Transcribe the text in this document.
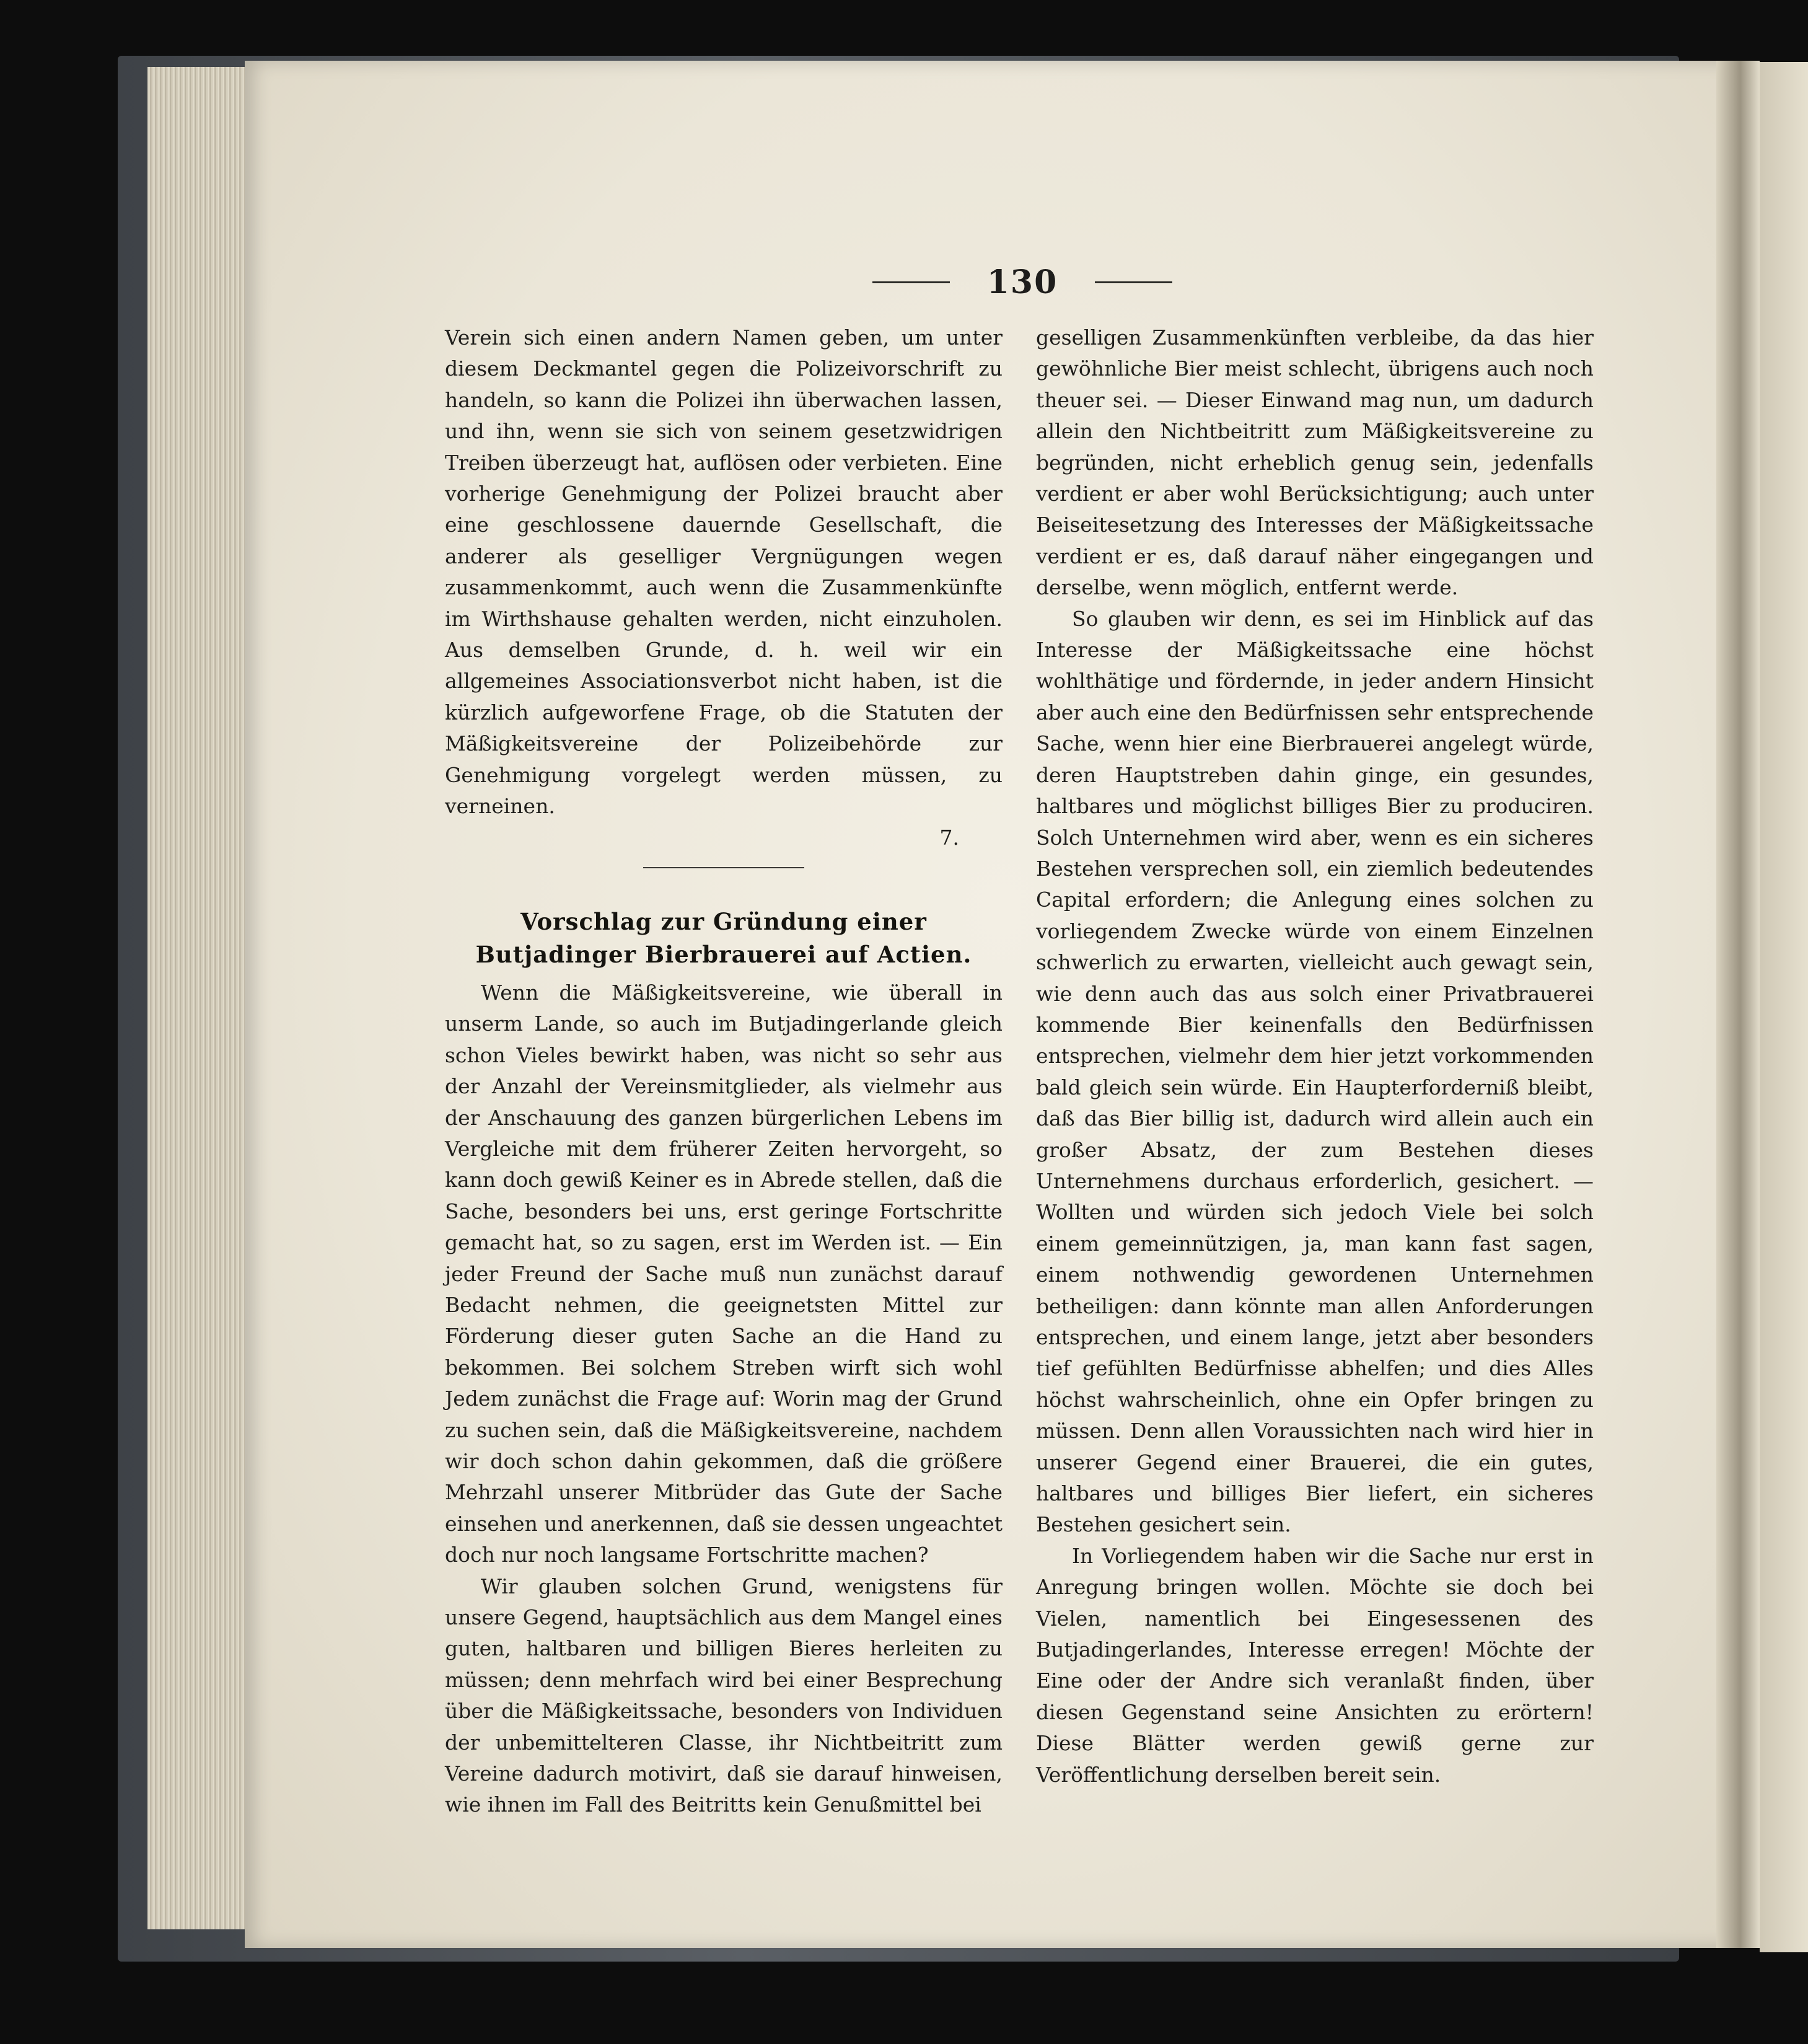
130

Verein sich einen andern Namen geben, um unter diesem Deckmantel gegen die Polizeivorschrift zu handeln, so kann die Polizei ihn überwachen lassen, und ihn, wenn sie sich von seinem gesetzwidrigen Treiben überzeugt hat, auflösen oder verbieten. Eine vorherige Genehmigung der Polizei braucht aber eine geschlossene dauernde Gesellschaft, die anderer als geselliger Vergnügungen wegen zusammenkommt, auch wenn die Zusammenkünfte im Wirthshause gehalten werden, nicht einzuholen. Aus demselben Grunde, d. h. weil wir ein allgemeines Associationsverbot nicht haben, ist die kürzlich aufgeworfene Frage, ob die Statuten der Mäßigkeitsvereine der Polizeibehörde zur Genehmigung vorgelegt werden müssen, zu verneinen.

7.
Vorschlag zur Gründung einer Butjadinger Bierbrauerei auf Actien.

Wenn die Mäßigkeitsvereine, wie überall in unserm Lande, so auch im Butjadingerlande gleich schon Vieles bewirkt haben, was nicht so sehr aus der Anzahl der Vereinsmitglieder, als vielmehr aus der Anschauung des ganzen bürgerlichen Lebens im Vergleiche mit dem früherer Zeiten hervorgeht, so kann doch gewiß Keiner es in Abrede stellen, daß die Sache, besonders bei uns, erst geringe Fortschritte gemacht hat, so zu sagen, erst im Werden ist. — Ein jeder Freund der Sache muß nun zunächst darauf Bedacht nehmen, die geeignetsten Mittel zur Förderung dieser guten Sache an die Hand zu bekommen. Bei solchem Streben wirft sich wohl Jedem zunächst die Frage auf: Worin mag der Grund zu suchen sein, daß die Mäßigkeitsvereine, nachdem wir doch schon dahin gekommen, daß die größere Mehrzahl unserer Mitbrüder das Gute der Sache einsehen und anerkennen, daß sie dessen ungeachtet doch nur noch langsame Fortschritte machen?

Wir glauben solchen Grund, wenigstens für unsere Gegend, hauptsächlich aus dem Mangel eines guten, haltbaren und billigen Bieres herleiten zu müssen; denn mehrfach wird bei einer Besprechung über die Mäßigkeitssache, besonders von Individuen der unbemittelteren Classe, ihr Nichtbeitritt zum Vereine dadurch motivirt, daß sie darauf hinweisen, wie ihnen im Fall des Beitritts kein Genußmittel bei

geselligen Zusammenkünften verbleibe, da das hier gewöhnliche Bier meist schlecht, übrigens auch noch theuer sei. — Dieser Einwand mag nun, um dadurch allein den Nichtbeitritt zum Mäßigkeitsvereine zu begründen, nicht erheblich genug sein, jedenfalls verdient er aber wohl Berücksichtigung; auch unter Beiseitesetzung des Interesses der Mäßigkeitssache verdient er es, daß darauf näher eingegangen und derselbe, wenn möglich, entfernt werde.

So glauben wir denn, es sei im Hinblick auf das Interesse der Mäßigkeitssache eine höchst wohlthätige und fördernde, in jeder andern Hinsicht aber auch eine den Bedürfnissen sehr entsprechende Sache, wenn hier eine Bierbrauerei angelegt würde, deren Hauptstreben dahin ginge, ein gesundes, haltbares und möglichst billiges Bier zu produciren. Solch Unternehmen wird aber, wenn es ein sicheres Bestehen versprechen soll, ein ziemlich bedeutendes Capital erfordern; die Anlegung eines solchen zu vorliegendem Zwecke würde von einem Einzelnen schwerlich zu erwarten, vielleicht auch gewagt sein, wie denn auch das aus solch einer Privatbrauerei kommende Bier keinenfalls den Bedürfnissen entsprechen, vielmehr dem hier jetzt vorkommenden bald gleich sein würde. Ein Haupterforderniß bleibt, daß das Bier billig ist, dadurch wird allein auch ein großer Absatz, der zum Bestehen dieses Unternehmens durchaus erforderlich, gesichert. — Wollten und würden sich jedoch Viele bei solch einem gemeinnützigen, ja, man kann fast sagen, einem nothwendig gewordenen Unternehmen betheiligen: dann könnte man allen Anforderungen entsprechen, und einem lange, jetzt aber besonders tief gefühlten Bedürfnisse abhelfen; und dies Alles höchst wahrscheinlich, ohne ein Opfer bringen zu müssen. Denn allen Voraussichten nach wird hier in unserer Gegend einer Brauerei, die ein gutes, haltbares und billiges Bier liefert, ein sicheres Bestehen gesichert sein.

In Vorliegendem haben wir die Sache nur erst in Anregung bringen wollen. Möchte sie doch bei Vielen, namentlich bei Eingesessenen des Butjadingerlandes, Interesse erregen! Möchte der Eine oder der Andre sich veranlaßt finden, über diesen Gegenstand seine Ansichten zu erörtern! Diese Blätter werden gewiß gerne zur Veröffentlichung derselben bereit sein.
